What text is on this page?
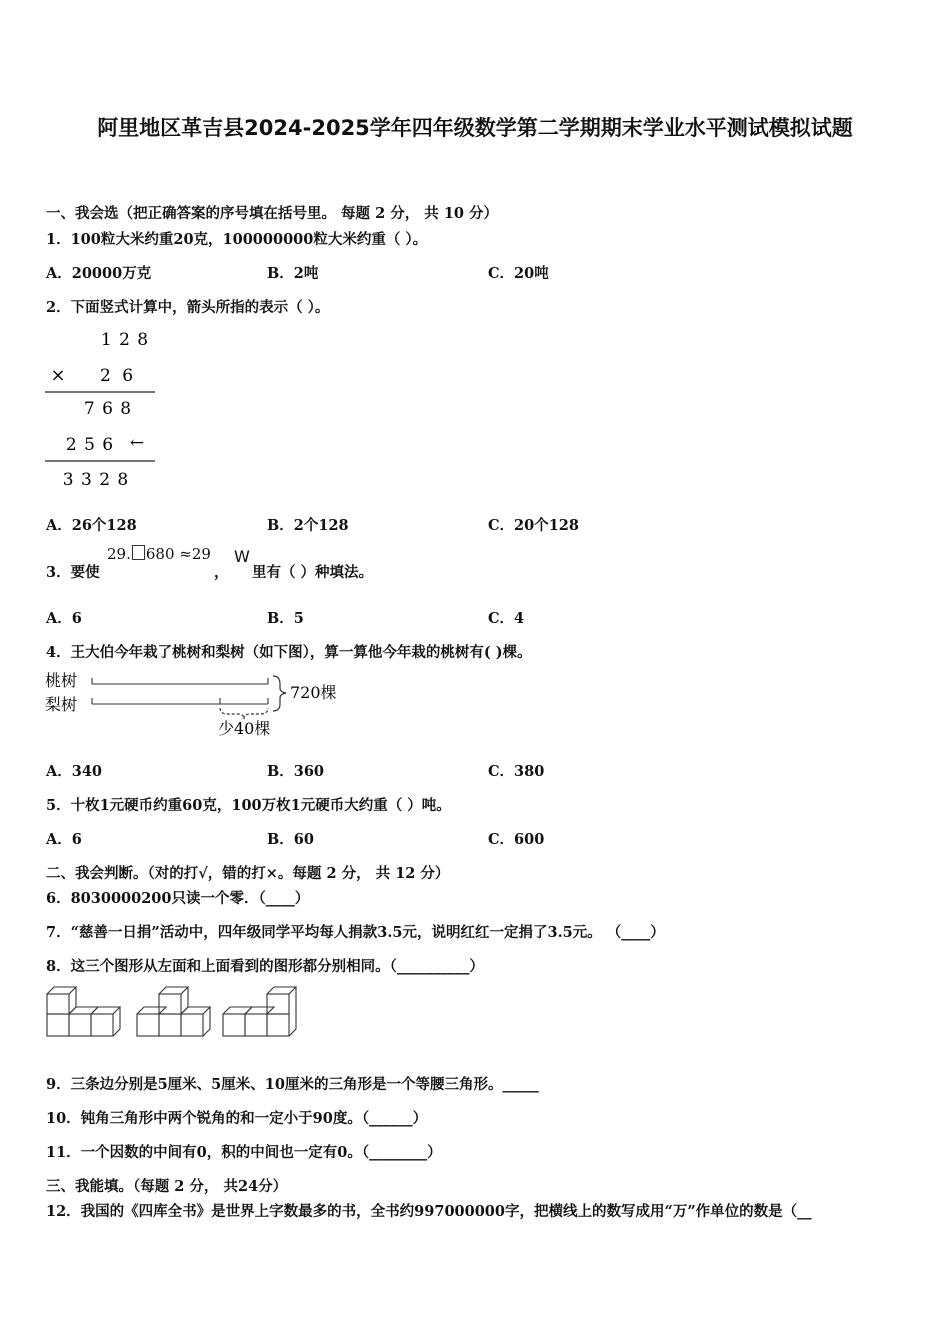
阿里地区革吉县2024-2025学年四年级数学第二学期期末学业水平测试模拟试题
一、我会选（把正确答案的序号填在括号里。 每题 2 分， 共 10 分）
1．100粒大米约重20克，100000000粒大米约重（ ）。
A．20000万克	B．2吨	C．20吨
2．下面竖式计算中，箭头所指的表示（ ）。
1 2 8
× 2 6
7 6 8
2 5 6 ←
3 3 2 8
A．26个128	B．2个128	C．20个128
3．要使
29. 680 ≈29
，
W
里有（ ）种填法。
A．6	B．5	C．4
4．王大伯今年栽了桃树和梨树（如下图），算一算他今年栽的桃树有( )棵。
桃树
梨树
720棵
少40棵
A．340	B．360	C．380
5．十枚1元硬币约重60克，100万枚1元硬币大约重（ ）吨。
A．6	B．60	C．600
二、我会判断。（对的打√，错的打×。每题 2 分， 共 12 分）
6．8030000200只读一个零．（____）
7．“慈善一日捐”活动中，四年级同学平均每人捐款3.5元，说明红红一定捐了3.5元。 （____）
8．这三个图形从左面和上面看到的图形都分别相同。（__________）
9．三条边分别是5厘米、5厘米、10厘米的三角形是一个等腰三角形。_____
10．钝角三角形中两个锐角的和一定小于90度。（______）
11．一个因数的中间有0，积的中间也一定有0。（________）
三、我能填。（每题 2 分， 共24分）
12．我国的《四库全书》是世界上字数最多的书，全书约997000000字，把横线上的数写成用“万”作单位的数是（__
